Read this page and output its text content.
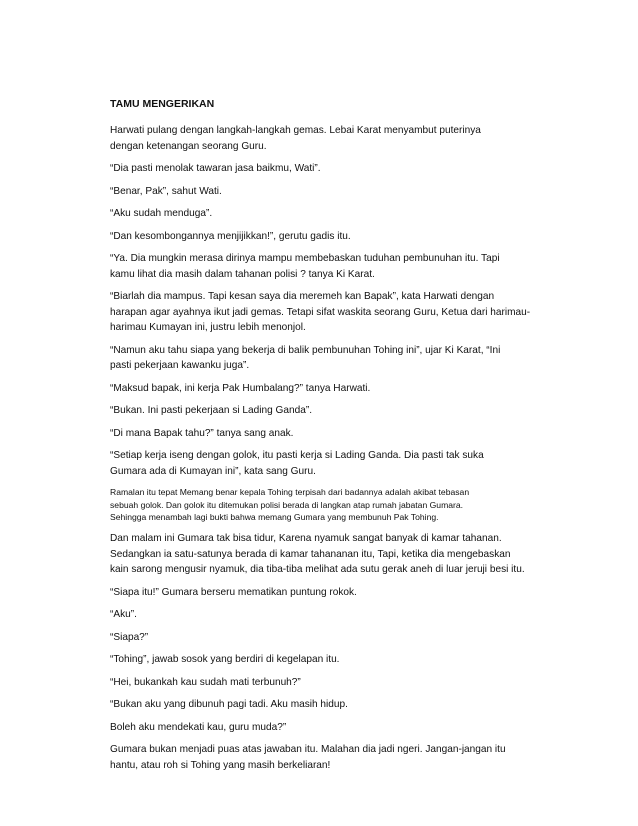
TAMU MENGERIKAN
Harwati pulang dengan langkah-langkah gemas. Lebai Karat menyambut puterinya
dengan ketenangan seorang Guru.
“Dia pasti menolak tawaran jasa baikmu, Wati”.
“Benar, Pak”, sahut Wati.
“Aku sudah menduga”.
“Dan kesombongannya menjijikkan!”, gerutu gadis itu.
“Ya. Dia mungkin merasa dirinya mampu membebaskan tuduhan pembunuhan itu. Tapi
kamu lihat dia masih dalam tahanan polisi ? tanya Ki Karat.
“Biarlah dia mampus. Tapi kesan saya dia meremeh kan Bapak”, kata Harwati dengan
harapan agar ayahnya ikut jadi gemas. Tetapi sifat waskita seorang Guru, Ketua dari harimau-
harimau Kumayan ini, justru lebih menonjol.
“Namun aku tahu siapa yang bekerja di balik pembunuhan Tohing ini”, ujar Ki Karat, “Ini
pasti pekerjaan kawanku juga”.
“Maksud bapak, ini kerja Pak Humbalang?” tanya Harwati.
“Bukan. Ini pasti pekerjaan si Lading Ganda”.
“Di mana Bapak tahu?” tanya sang anak.
“Setiap kerja iseng dengan golok, itu pasti kerja si Lading Ganda. Dia pasti tak suka
Gumara ada di Kumayan ini”, kata sang Guru.
Ramalan itu tepat Memang benar kepala Tohing terpisah dari badannya adalah akibat tebasan
sebuah golok. Dan golok itu ditemukan polisi berada di langkan atap rumah jabatan Gumara.
Sehingga menambah lagi bukti bahwa memang Gumara yang membunuh Pak Tohing.
Dan malam ini Gumara tak bisa tidur, Karena nyamuk sangat banyak di kamar tahanan.
Sedangkan ia satu-satunya berada di kamar tahananan itu, Tapi, ketika dia mengebaskan
kain sarong mengusir nyamuk, dia tiba-tiba melihat ada sutu gerak aneh di luar jeruji besi itu.
“Siapa itu!” Gumara berseru mematikan puntung rokok.
“Aku”.
“Siapa?”
“Tohing”, jawab sosok yang berdiri di kegelapan itu.
“Hei, bukankah kau sudah mati terbunuh?”
“Bukan aku yang dibunuh pagi tadi. Aku masih hidup.
Boleh aku mendekati kau, guru muda?”
Gumara bukan menjadi puas atas jawaban itu. Malahan dia jadi ngeri. Jangan-jangan itu
hantu, atau roh si Tohing yang masih berkeliaran!
